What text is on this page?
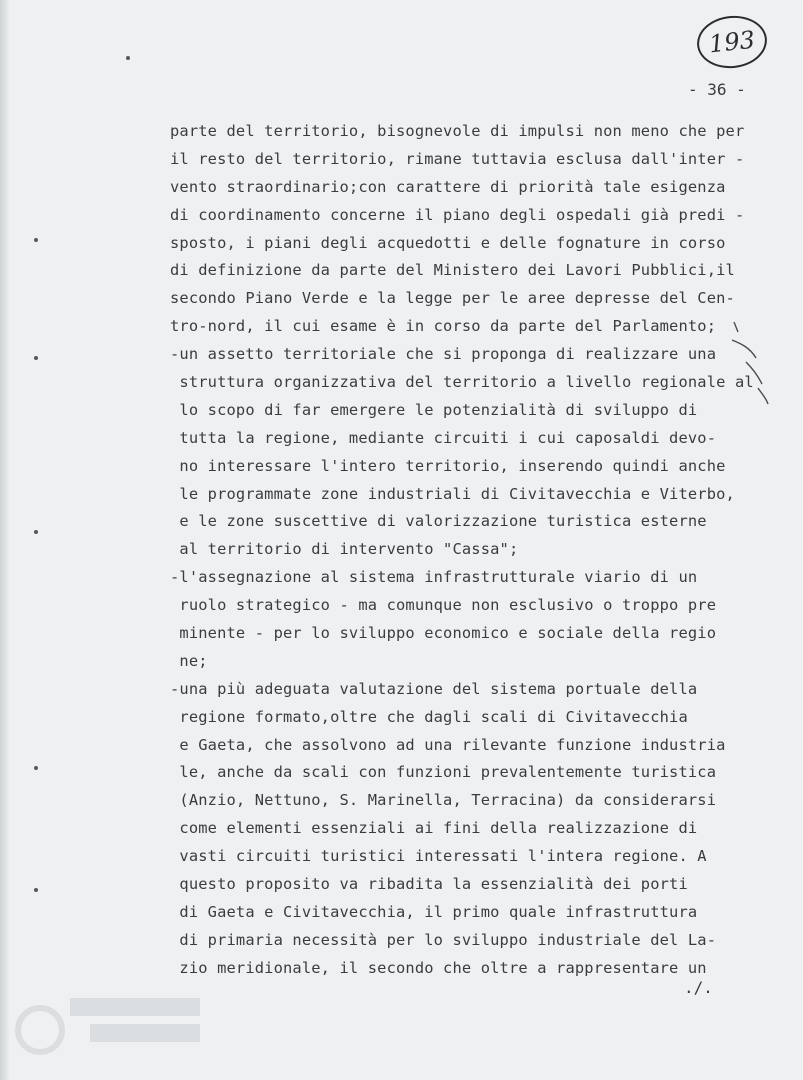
193
- 36 -
parte del territorio, bisognevole di impulsi non meno che per
il resto del territorio, rimane tuttavia esclusa dall'inter -
vento straordinario;con carattere di priorità tale esigenza
di coordinamento concerne il piano degli ospedali già predi -
sposto, i piani degli acquedotti e delle fognature in corso
di definizione da parte del Ministero dei Lavori Pubblici,il
secondo Piano Verde e la legge per le aree depresse del Cen-
tro-nord, il cui esame è in corso da parte del Parlamento;
-un assetto territoriale che si proponga di realizzare una
struttura organizzativa del territorio a livello regionale al
lo scopo di far emergere le potenzialità di sviluppo di
tutta la regione, mediante circuiti i cui caposaldi devo-
no interessare l'intero territorio, inserendo quindi anche
le programmate zone industriali di Civitavecchia e Viterbo,
e le zone suscettive di valorizzazione turistica esterne
al territorio di intervento "Cassa";
-l'assegnazione al sistema infrastrutturale viario di un
ruolo strategico - ma comunque non esclusivo o troppo pre
minente - per lo sviluppo economico e sociale della regio
ne;
-una più adeguata valutazione del sistema portuale della
regione formato,oltre che dagli scali di Civitavecchia
e Gaeta, che assolvono ad una rilevante funzione industria
le, anche da scali con funzioni prevalentemente turistica
(Anzio, Nettuno, S. Marinella, Terracina) da considerarsi
come elementi essenziali ai fini della realizzazione di
vasti circuiti turistici interessati l'intera regione. A
questo proposito va ribadita la essenzialità dei porti
di Gaeta e Civitavecchia, il primo quale infrastruttura
di primaria necessità per lo sviluppo industriale del La-
zio meridionale, il secondo che oltre a rappresentare un
./.
